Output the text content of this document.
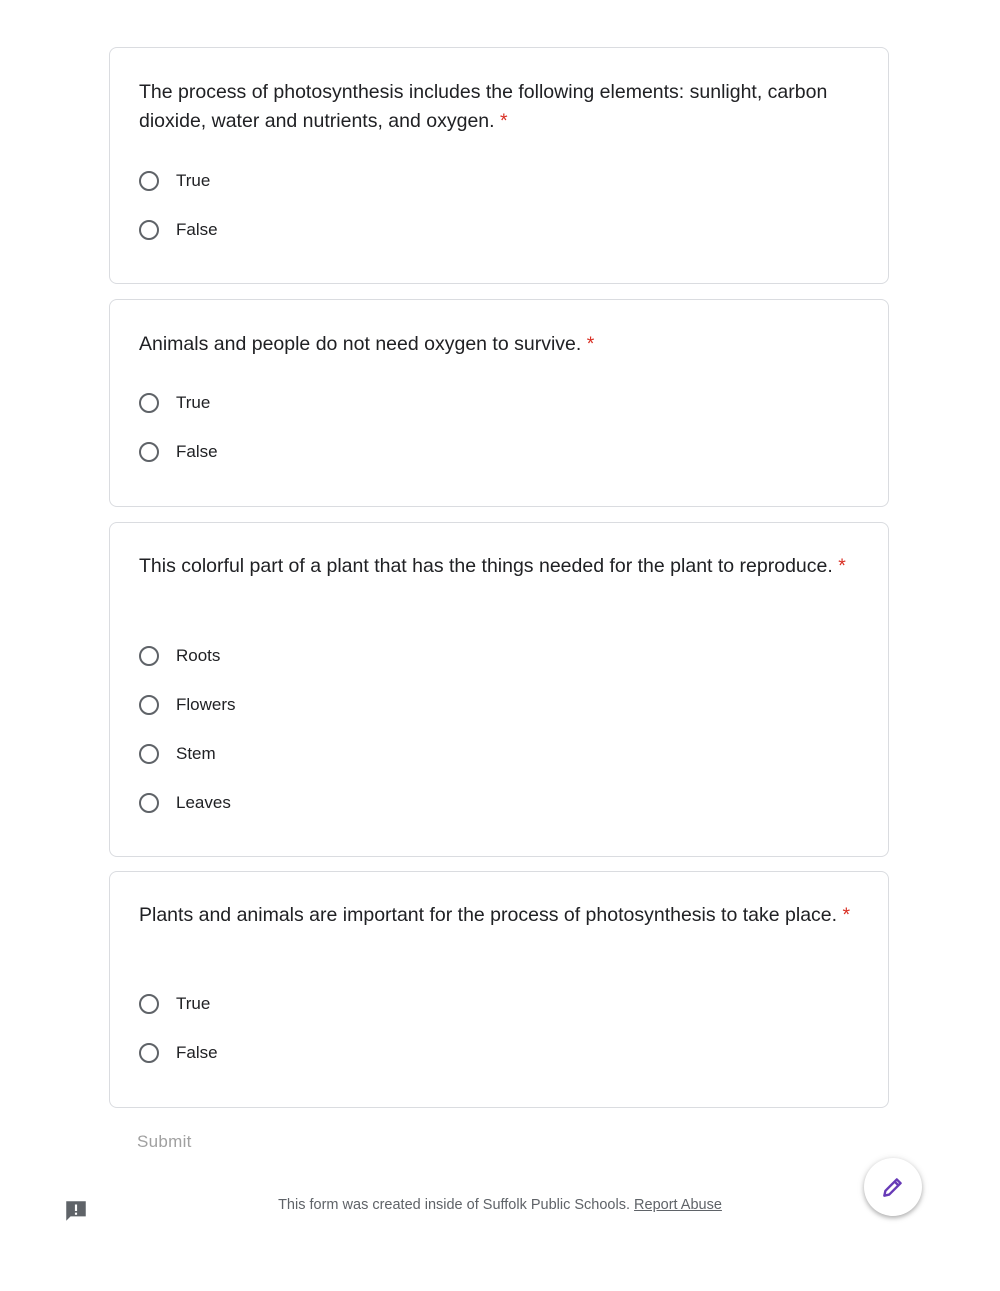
The process of photosynthesis includes the following elements: sunlight, carbon dioxide, water and nutrients, and oxygen. *
True
False
Animals and people do not need oxygen to survive. *
True
False
This colorful part of a plant that has the things needed for the plant to reproduce. *
Roots
Flowers
Stem
Leaves
Plants and animals are important for the process of photosynthesis to take place. *
True
False
Submit
This form was created inside of Suffolk Public Schools. Report Abuse
